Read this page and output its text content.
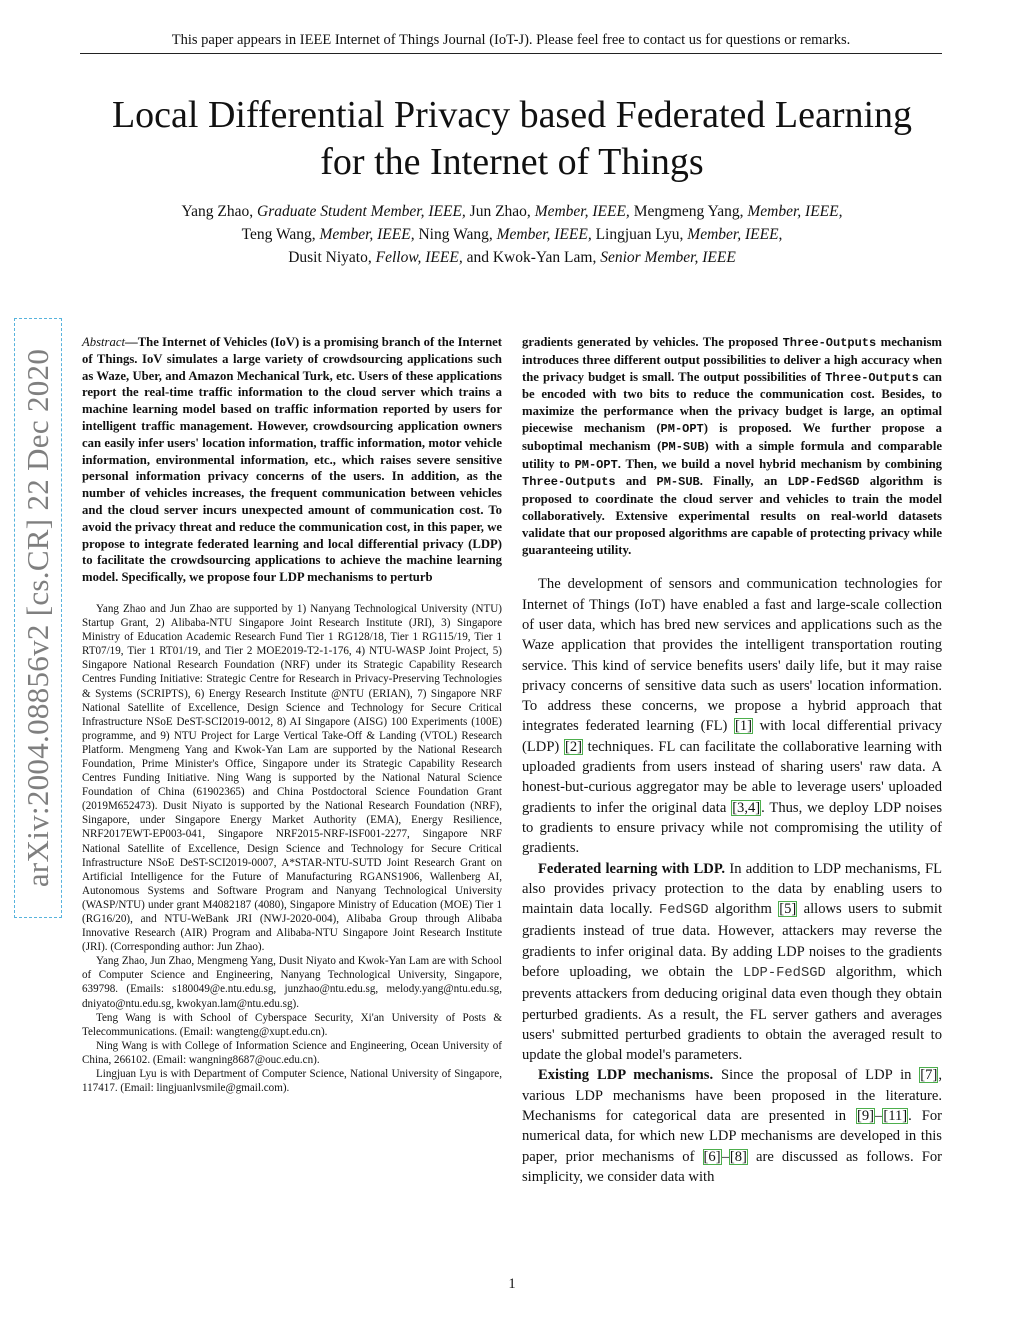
This paper appears in IEEE Internet of Things Journal (IoT-J). Please feel free to contact us for questions or remarks.
Local Differential Privacy based Federated Learning
for the Internet of Things
Yang Zhao, Graduate Student Member, IEEE, Jun Zhao, Member, IEEE, Mengmeng Yang, Member, IEEE,
Teng Wang, Member, IEEE, Ning Wang, Member, IEEE, Lingjuan Lyu, Member, IEEE,
Dusit Niyato, Fellow, IEEE, and Kwok-Yan Lam, Senior Member, IEEE
arXiv:2004.08856v2 [cs.CR] 22 Dec 2020

Abstract—The Internet of Vehicles (IoV) is a promising branch of the Internet of Things. IoV simulates a large variety of crowdsourcing applications such as Waze, Uber, and Amazon Mechanical Turk, etc. Users of these applications report the real-time traffic information to the cloud server which trains a machine learning model based on traffic information reported by users for intelligent traffic management. However, crowdsourcing application owners can easily infer users' location information, traffic information, motor vehicle information, environmental information, etc., which raises severe sensitive personal information privacy concerns of the users. In addition, as the number of vehicles increases, the frequent communication between vehicles and the cloud server incurs unexpected amount of communication cost. To avoid the privacy threat and reduce the communication cost, in this paper, we propose to integrate federated learning and local differential privacy (LDP) to facilitate the crowdsourcing applications to achieve the machine learning model. Specifically, we propose four LDP mechanisms to perturb

Yang Zhao and Jun Zhao are supported by 1) Nanyang Technological University (NTU) Startup Grant, 2) Alibaba-NTU Singapore Joint Research Institute (JRI), 3) Singapore Ministry of Education Academic Research Fund Tier 1 RG128/18, Tier 1 RG115/19, Tier 1 RT07/19, Tier 1 RT01/19, and Tier 2 MOE2019-T2-1-176, 4) NTU-WASP Joint Project, 5) Singapore National Research Foundation (NRF) under its Strategic Capability Research Centres Funding Initiative: Strategic Centre for Research in Privacy-Preserving Technologies & Systems (SCRIPTS), 6) Energy Research Institute @NTU (ERIAN), 7) Singapore NRF National Satellite of Excellence, Design Science and Technology for Secure Critical Infrastructure NSoE DeST-SCI2019-0012, 8) AI Singapore (AISG) 100 Experiments (100E) programme, and 9) NTU Project for Large Vertical Take-Off & Landing (VTOL) Research Platform. Mengmeng Yang and Kwok-Yan Lam are supported by the National Research Foundation, Prime Minister's Office, Singapore under its Strategic Capability Research Centres Funding Initiative. Ning Wang is supported by the National Natural Science Foundation of China (61902365) and China Postdoctoral Science Foundation Grant (2019M652473). Dusit Niyato is supported by the National Research Foundation (NRF), Singapore, under Singapore Energy Market Authority (EMA), Energy Resilience, NRF2017EWT-EP003-041, Singapore NRF2015-NRF-ISF001-2277, Singapore NRF National Satellite of Excellence, Design Science and Technology for Secure Critical Infrastructure NSoE DeST-SCI2019-0007, A*STAR-NTU-SUTD Joint Research Grant on Artificial Intelligence for the Future of Manufacturing RGANS1906, Wallenberg AI, Autonomous Systems and Software Program and Nanyang Technological University (WASP/NTU) under grant M4082187 (4080), Singapore Ministry of Education (MOE) Tier 1 (RG16/20), and NTU-WeBank JRI (NWJ-2020-004), Alibaba Group through Alibaba Innovative Research (AIR) Program and Alibaba-NTU Singapore Joint Research Institute (JRI). (Corresponding author: Jun Zhao).

Yang Zhao, Jun Zhao, Mengmeng Yang, Dusit Niyato and Kwok-Yan Lam are with School of Computer Science and Engineering, Nanyang Technological University, Singapore, 639798. (Emails: s180049@e.ntu.edu.sg, junzhao@ntu.edu.sg, melody.yang@ntu.edu.sg, dniyato@ntu.edu.sg, kwokyan.lam@ntu.edu.sg).

Teng Wang is with School of Cyberspace Security, Xi'an University of Posts & Telecommunications. (Email: wangteng@xupt.edu.cn).

Ning Wang is with College of Information Science and Engineering, Ocean University of China, 266102. (Email: wangning8687@ouc.edu.cn).

Lingjuan Lyu is with Department of Computer Science, National University of Singapore, 117417. (Email: lingjuanlvsmile@gmail.com).

gradients generated by vehicles. The proposed Three-Outputs mechanism introduces three different output possibilities to deliver a high accuracy when the privacy budget is small. The output possibilities of Three-Outputs can be encoded with two bits to reduce the communication cost. Besides, to maximize the performance when the privacy budget is large, an optimal piecewise mechanism (PM-OPT) is proposed. We further propose a suboptimal mechanism (PM-SUB) with a simple formula and comparable utility to PM-OPT. Then, we build a novel hybrid mechanism by combining Three-Outputs and PM-SUB. Finally, an LDP-FedSGD algorithm is proposed to coordinate the cloud server and vehicles to train the model collaboratively. Extensive experimental results on real-world datasets validate that our proposed algorithms are capable of protecting privacy while guaranteeing utility.

The development of sensors and communication technologies for Internet of Things (IoT) have enabled a fast and large-scale collection of user data, which has bred new services and applications such as the Waze application that provides the intelligent transportation routing service. This kind of service benefits users' daily life, but it may raise privacy concerns of sensitive data such as users' location information. To address these concerns, we propose a hybrid approach that integrates federated learning (FL) [1] with local differential privacy (LDP) [2] techniques. FL can facilitate the collaborative learning with uploaded gradients from users instead of sharing users' raw data. A honest-but-curious aggregator may be able to leverage users' uploaded gradients to infer the original data [3,4]. Thus, we deploy LDP noises to gradients to ensure privacy while not compromising the utility of gradients.

Federated learning with LDP. In addition to LDP mechanisms, FL also provides privacy protection to the data by enabling users to maintain data locally. FedSGD algorithm [5] allows users to submit gradients instead of true data. However, attackers may reverse the gradients to infer original data. By adding LDP noises to the gradients before uploading, we obtain the LDP-FedSGD algorithm, which prevents attackers from deducing original data even though they obtain perturbed gradients. As a result, the FL server gathers and averages users' submitted perturbed gradients to obtain the averaged result to update the global model's parameters.

Existing LDP mechanisms. Since the proposal of LDP in [7], various LDP mechanisms have been proposed in the literature. Mechanisms for categorical data are presented in [9]–[11]. For numerical data, for which new LDP mechanisms are developed in this paper, prior mechanisms of [6]–[8] are discussed as follows. For simplicity, we consider data with

1
